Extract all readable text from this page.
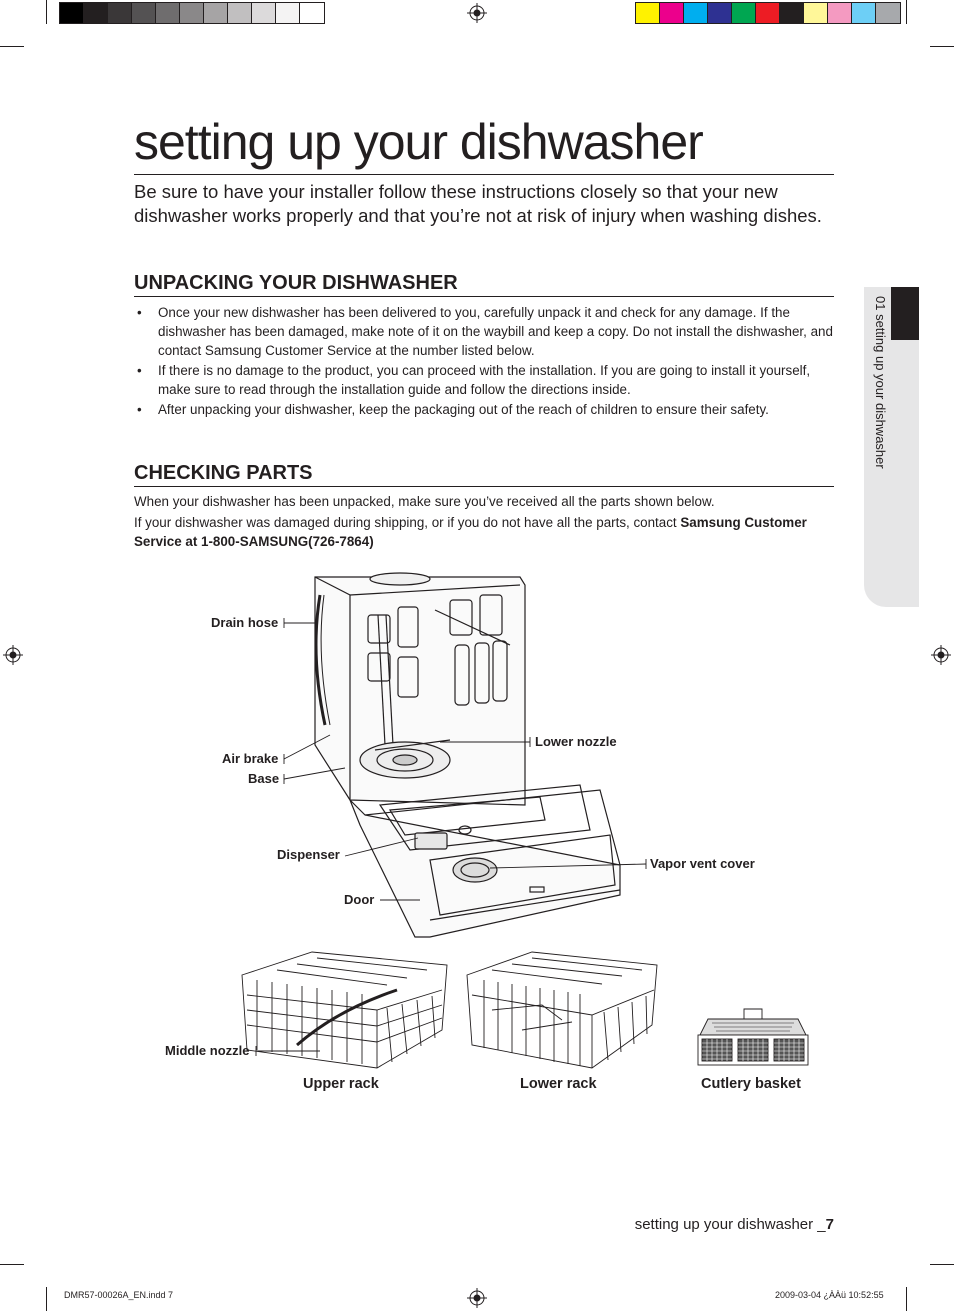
setting up your dishwasher

Be sure to have your installer follow these instructions closely so that your new dishwasher works properly and that you’re not at risk of injury when washing dishes.

UNPACKING YOUR DISHWASHER
• Once your new dishwasher has been delivered to you, carefully unpack it and check for any damage. If the dishwasher has been damaged, make note of it on the waybill and keep a copy. Do not install the dishwasher, and contact Samsung Customer Service at the number listed below.
• If there is no damage to the product, you can proceed with the installation. If you are going to install it yourself, make sure to read through the installation guide and follow the directions inside.
• After unpacking your dishwasher, keep the packaging out of the reach of children to ensure their safety.
CHECKING PARTS

When your dishwasher has been unpacked, make sure you’ve received all the parts shown below.

If your dishwasher was damaged during shipping, or if you do not have all the parts, contact Samsung Customer Service at 1-800-SAMSUNG(726-7864)

01 setting up your dishwasher
Drain hose
Air brake
Base
Dispenser
Door
Lower nozzle
Vapor vent cover
Middle nozzle
Upper rack	Lower rack	Cutlery basket
setting up your dishwasher _7
DMR57-00026A_EN.indd 7	2009-03-04 ¿ÀÀü 10:52:55
